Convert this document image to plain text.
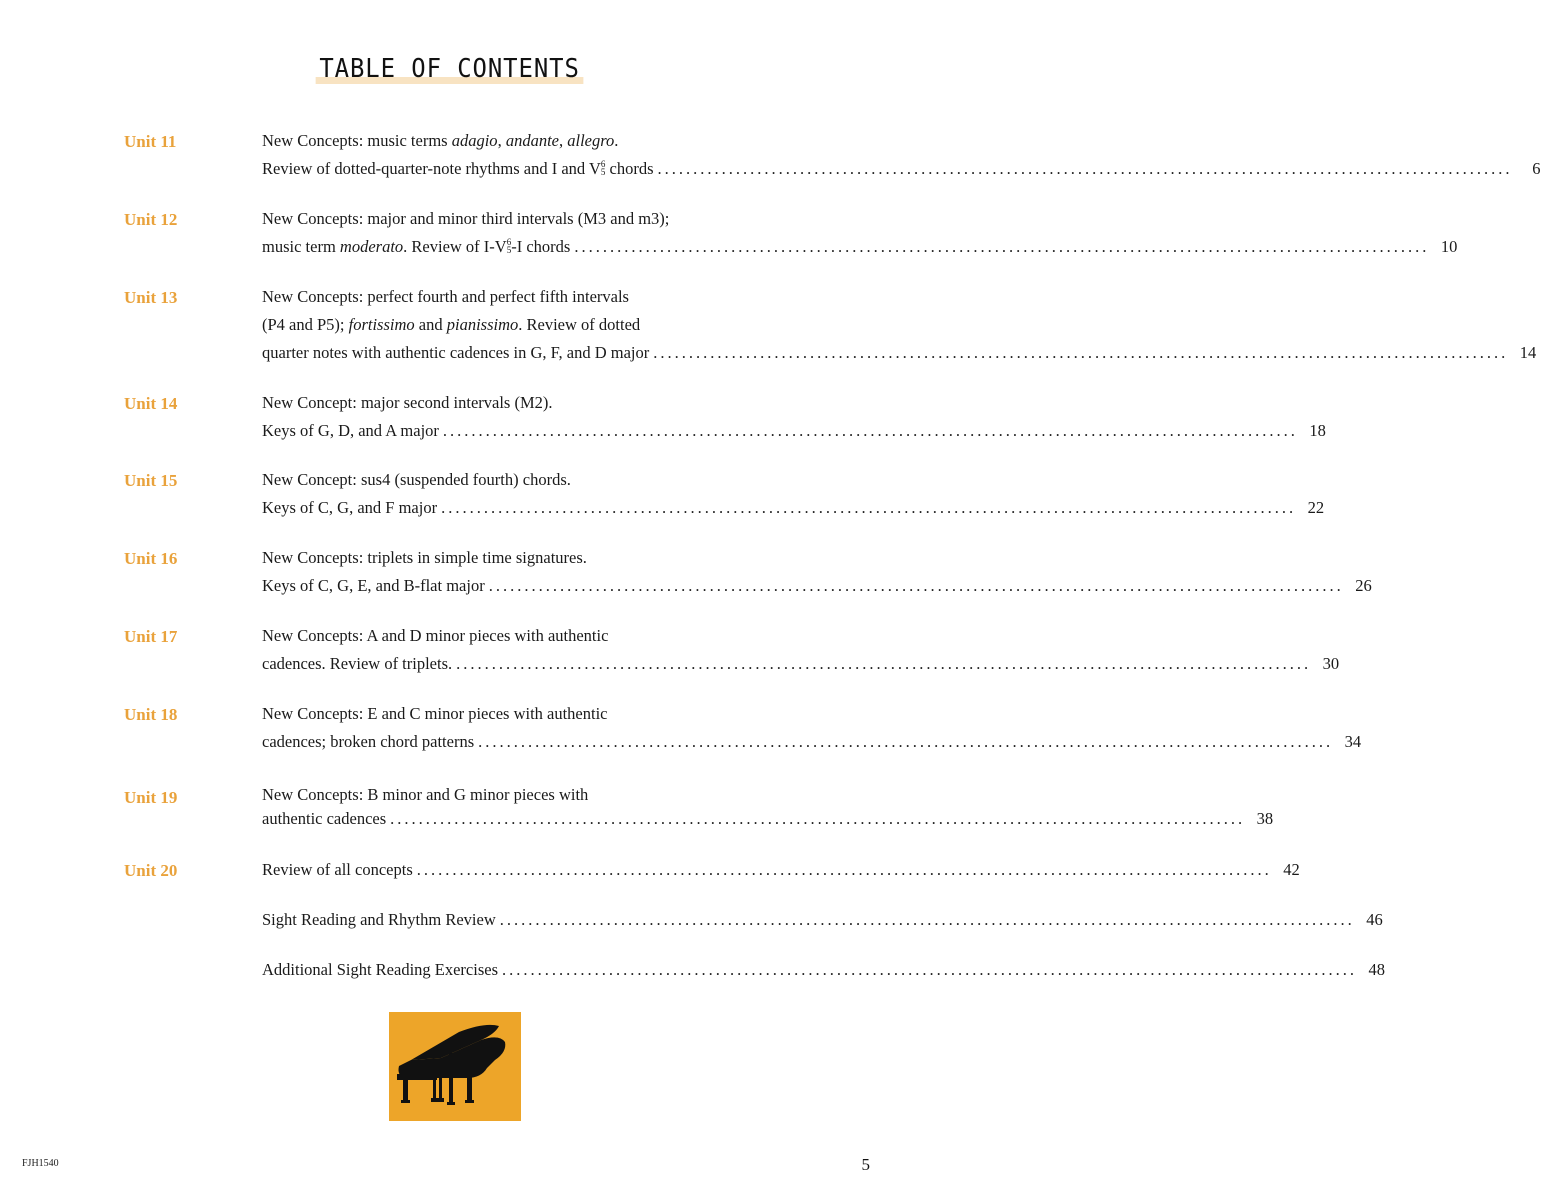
TABLE OF CONTENTS
Unit 11	New Concepts: music terms adagio, andante, allegro.
Review of dotted-quarter-note rhythms and I and V $^{6 5}$ chords ........................................................................................................................	6
Unit 12	New Concepts: major and minor third intervals (M3 and m3);
music term moderato. Review of I-V $^{6 5}$ -I chords ........................................................................................................................ 10
Unit 13	New Concepts: perfect fourth and perfect fifth intervals
(P4 and P5); fortissimo and pianissimo. Review of dotted
quarter notes with authentic cadences in G, F, and D major ........................................................................................................................ 14
Unit 14	New Concept: major second intervals (M2).
Keys of G, D, and A major ........................................................................................................................ 18
Unit 15	New Concept: sus4 (suspended fourth) chords.
Keys of C, G, and F major ........................................................................................................................ 22
Unit 16	New Concepts: triplets in simple time signatures.
Keys of C, G, E, and B-flat major ........................................................................................................................ 26
Unit 17	New Concepts: A and D minor pieces with authentic
cadences. Review of triplets. ........................................................................................................................ 30
Unit 18	New Concepts: E and C minor pieces with authentic
cadences; broken chord patterns ........................................................................................................................ 34
Unit 19	New Concepts: B minor and G minor pieces with
authentic cadences ........................................................................................................................ 38
Unit 20	Review of all concepts ........................................................................................................................ 42
Sight Reading and Rhythm Review ........................................................................................................................ 46
Additional Sight Reading Exercises ........................................................................................................................ 48
FJH1540	5
